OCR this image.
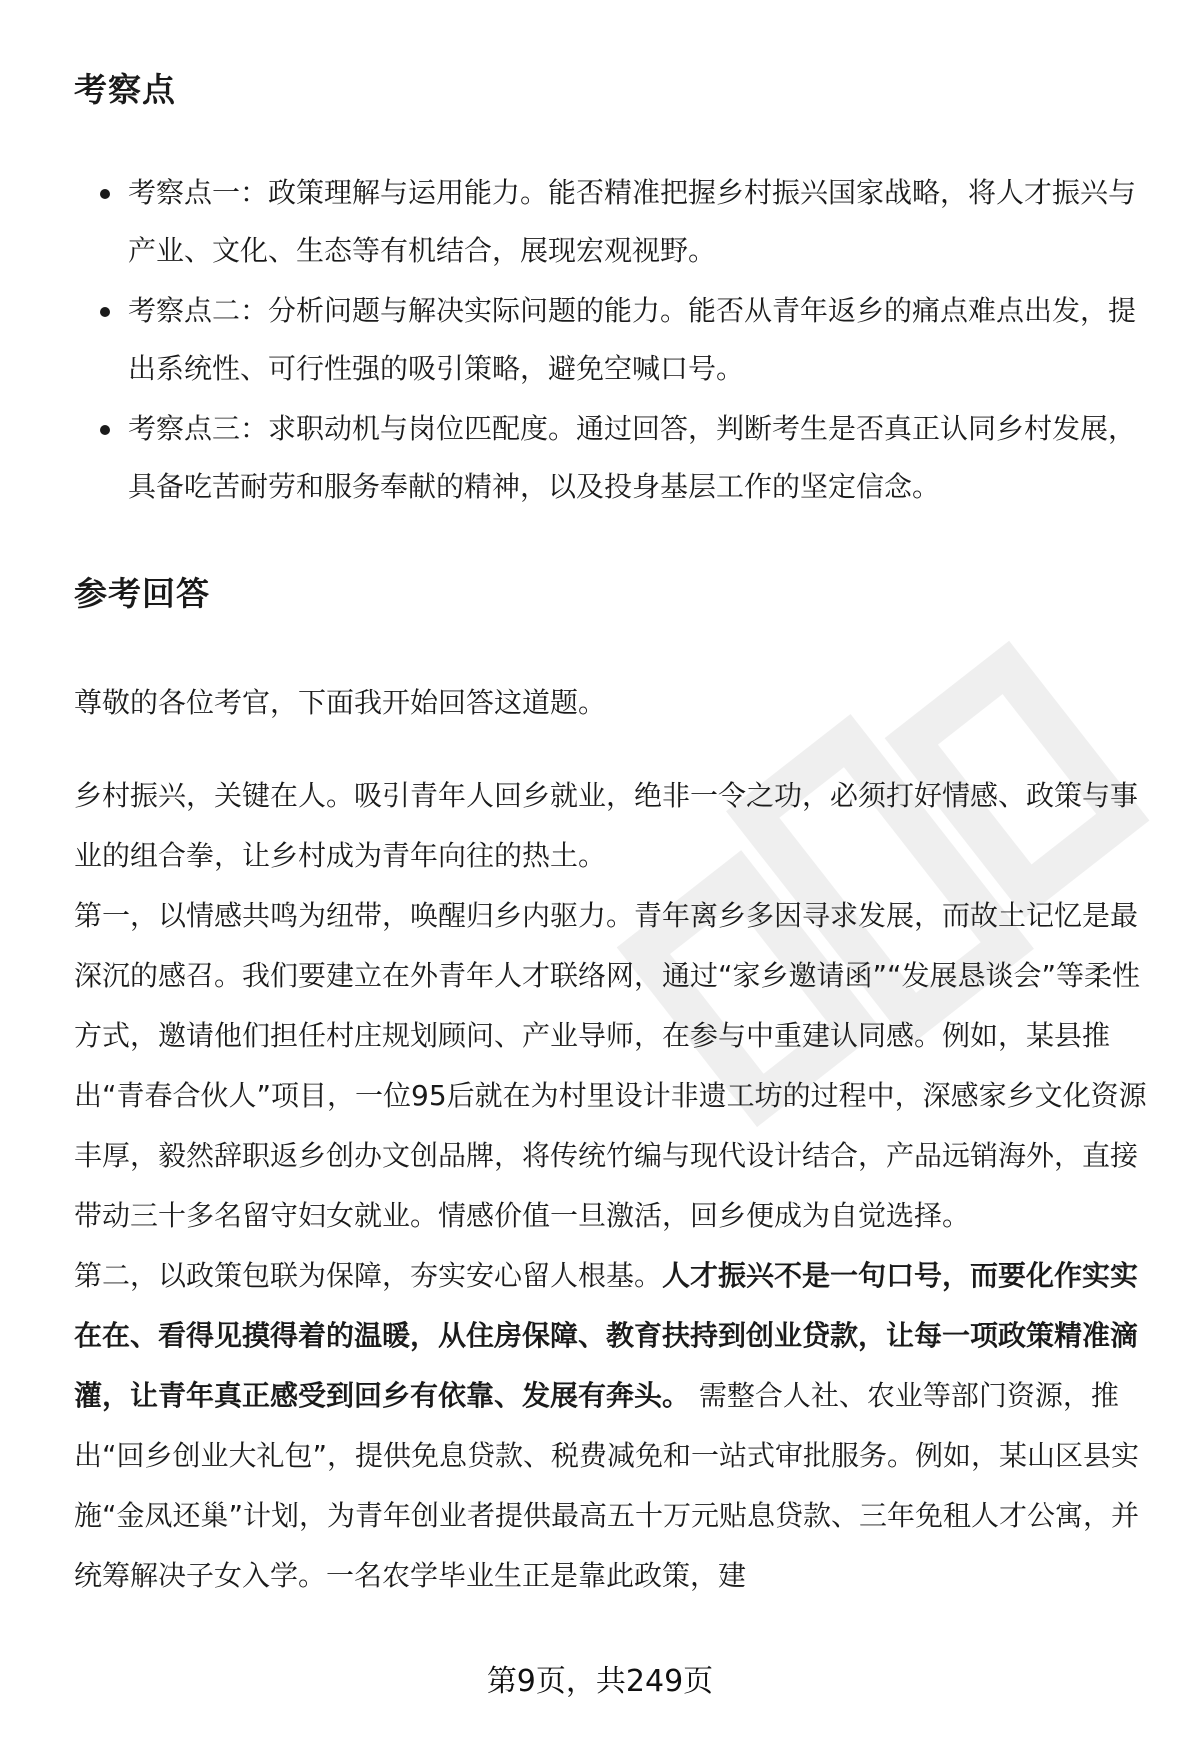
考察点
考察点一：政策理解与运用能力。能否精准把握乡村振兴国家战略，将人才振兴与产业、文化、生态等有机结合，展现宏观视野。
考察点二：分析问题与解决实际问题的能力。能否从青年返乡的痛点难点出发，提出系统性、可行性强的吸引策略，避免空喊口号。
考察点三：求职动机与岗位匹配度。通过回答，判断考生是否真正认同乡村发展，具备吃苦耐劳和服务奉献的精神，以及投身基层工作的坚定信念。
参考回答

尊敬的各位考官，下面我开始回答这道题。

乡村振兴，关键在人。吸引青年人回乡就业，绝非一令之功，必须打好情感、政策与事业的组合拳，让乡村成为青年向往的热土。

第一，以情感共鸣为纽带，唤醒归乡内驱力。青年离乡多因寻求发展，而故土记忆是最深沉的感召。我们要建立在外青年人才联络网，通过“家乡邀请函”“发展恳谈会”等柔性方式，邀请他们担任村庄规划顾问、产业导师，在参与中重建认同感。例如，某县推出“青春合伙人”项目，一位95后就在为村里设计非遗工坊的过程中，深感家乡文化资源丰厚，毅然辞职返乡创办文创品牌，将传统竹编与现代设计结合，产品远销海外，直接带动三十多名留守妇女就业。情感价值一旦激活，回乡便成为自觉选择。

第二，以政策包联为保障，夯实安心留人根基。人才振兴不是一句口号，而要化作实实在在、看得见摸得着的温暖，从住房保障、教育扶持到创业贷款，让每一项政策精准滴灌，让青年真正感受到回乡有依靠、发展有奔头。 需整合人社、农业等部门资源，推出“回乡创业大礼包”，提供免息贷款、税费减免和一站式审批服务。例如，某山区县实施“金凤还巢”计划，为青年创业者提供最高五十万元贴息贷款、三年免租人才公寓，并统筹解决子女入学。一名农学毕业生正是靠此政策，建

第9页，共249页
